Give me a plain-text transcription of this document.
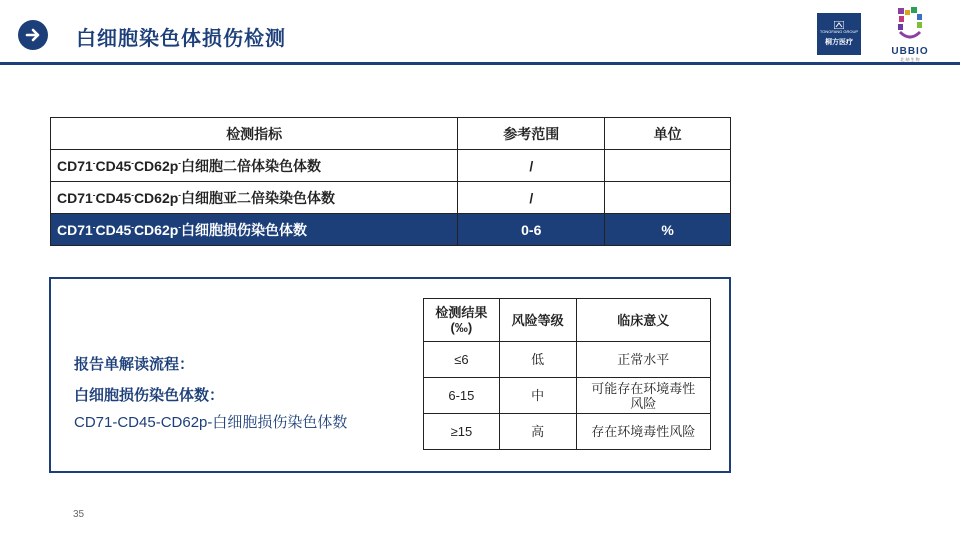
白细胞染色体损伤检测	TONGFANG GROUP
桐方医疗
UBBIO
北 纳 生 物
检测指标	参考范围	单位
CD71-CD45-CD62p-白细胞二倍体染色体数	/	
CD71-CD45-CD62p-白细胞亚二倍染染色体数	/	
CD71-CD45-CD62p-白细胞损伤染色体数	0-6	%
报告单解读流程：
白细胞损伤染色体数：
CD71-CD45-CD62p-白细胞损伤染色体数
检测结果
(‰)	风险等级	临床意义
≤6	低	正常水平
6-15	中	可能存在环境毒性
风险
≥15	高	存在环境毒性风险
35
